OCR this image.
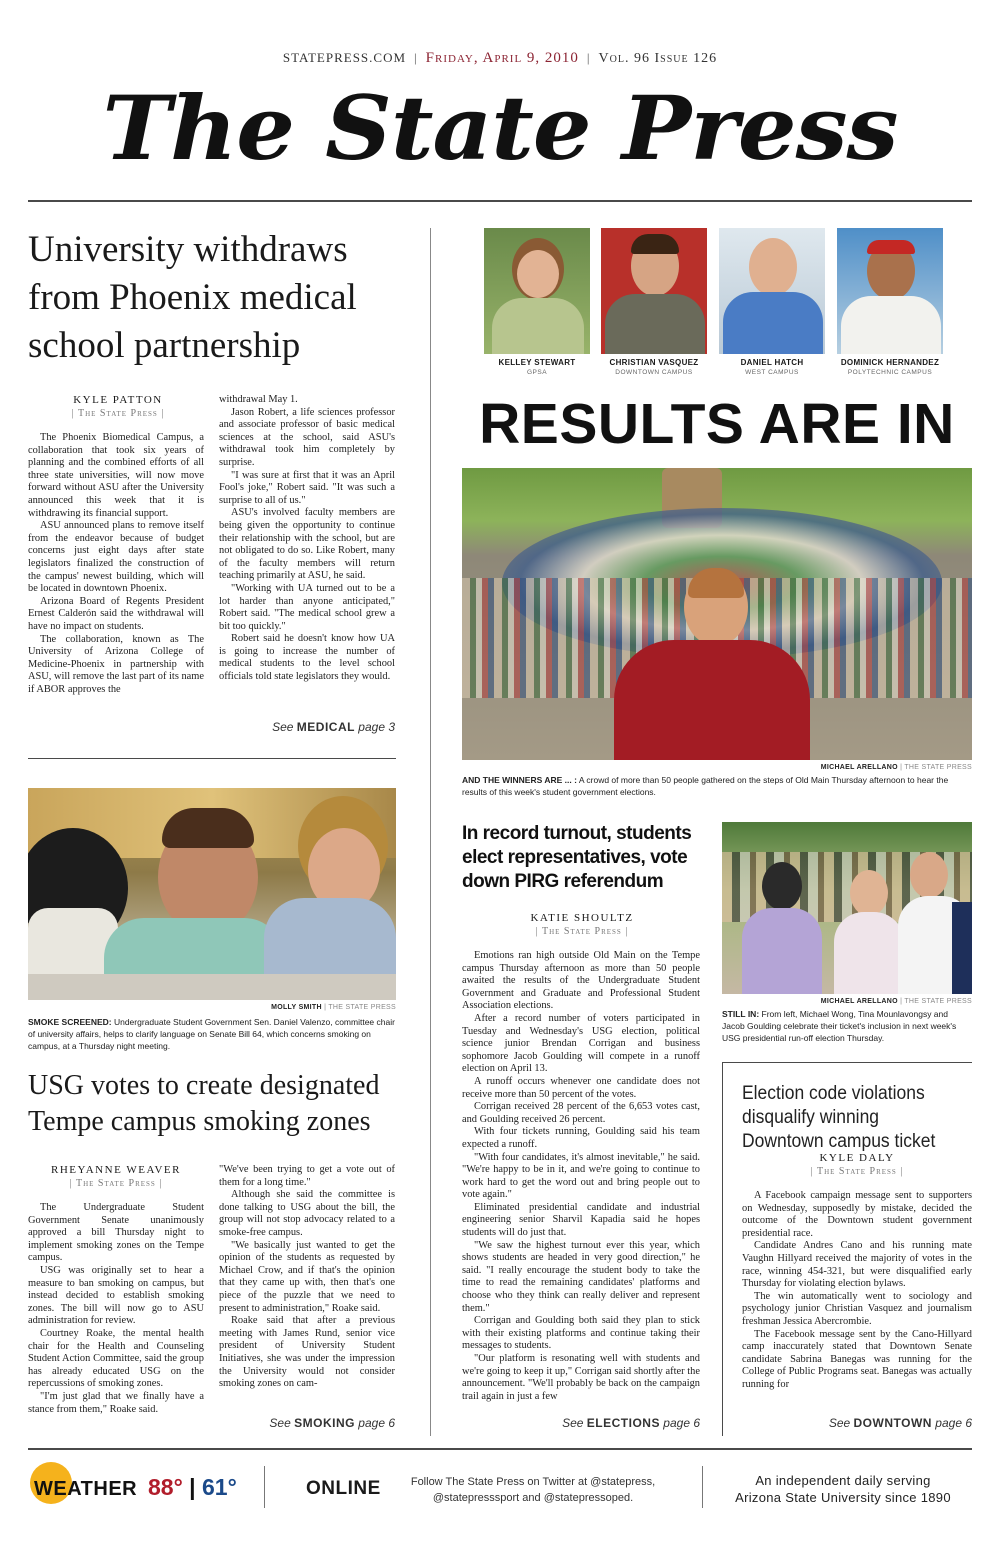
STATEPRESS.COM | Friday, April 9, 2010 | Vol. 96 Issue 126
The State Press
University withdraws from Phoenix medical school partnership
KYLE PATTON
| The State Press |

The Phoenix Biomedical Campus, a collaboration that took six years of planning and the combined efforts of all three state universities, will now move forward without ASU after the University announced this week that it is withdrawing its financial support.

ASU announced plans to remove itself from the endeavor because of budget concerns just eight days after state legislators finalized the construction of the campus' newest building, which will be located in downtown Phoenix.

Arizona Board of Regents President Ernest Calderón said the withdrawal will have no impact on students.

The collaboration, known as The University of Arizona College of Medicine-Phoenix in partnership with ASU, will remove the last part of its name if ABOR approves the

withdrawal May 1.

Jason Robert, a life sciences professor and associate professor of basic medical sciences at the school, said ASU's withdrawal took him completely by surprise.

"I was sure at first that it was an April Fool's joke," Robert said. "It was such a surprise to all of us."

ASU's involved faculty members are being given the opportunity to continue their relationship with the school, but are not obligated to do so. Like Robert, many of the faculty members will return teaching primarily at ASU, he said.

"Working with UA turned out to be a lot harder than anyone anticipated," Robert said. "The medical school grew a bit too quickly."

Robert said he doesn't know how UA is going to increase the number of medical students to the level school officials told state legislators they would.

See MEDICAL page 3
MOLLY SMITH | THE STATE PRESS
SMOKE SCREENED: Undergraduate Student Government Sen. Daniel Valenzo, committee chair of university affairs, helps to clarify language on Senate Bill 64, which concerns smoking on campus, at a Thursday night meeting.
USG votes to create designated Tempe campus smoking zones
RHEYANNE WEAVER
| The State Press |

The Undergraduate Student Government Senate unanimously approved a bill Thursday night to implement smoking zones on the Tempe campus.

USG was originally set to hear a measure to ban smoking on campus, but instead decided to establish smoking zones. The bill will now go to ASU administration for review.

Courtney Roake, the mental health chair for the Health and Counseling Student Action Committee, said the group has already educated USG on the repercussions of smoking zones.

"I'm just glad that we finally have a stance from them," Roake said.

"We've been trying to get a vote out of them for a long time."

Although she said the committee is done talking to USG about the bill, the group will not stop advocacy related to a smoke-free campus.

"We basically just wanted to get the opinion of the students as requested by Michael Crow, and if that's the opinion that they came up with, then that's one piece of the puzzle that we need to present to administration," Roake said.

Roake said that after a previous meeting with James Rund, senior vice president of University Student Initiatives, she was under the impression the University would not consider smoking zones on cam-

See SMOKING page 6
KELLEY STEWART
GPSA
CHRISTIAN VASQUEZ
DOWNTOWN CAMPUS
DANIEL HATCH
WEST CAMPUS
DOMINICK HERNANDEZ
POLYTECHNIC CAMPUS
RESULTS ARE IN
MICHAEL ARELLANO | THE STATE PRESS
AND THE WINNERS ARE ... : A crowd of more than 50 people gathered on the steps of Old Main Thursday afternoon to hear the results of this week's student government elections.
In record turnout, students elect representatives, vote down PIRG referendum
KATIE SHOULTZ
| The State Press |

Emotions ran high outside Old Main on the Tempe campus Thursday afternoon as more than 50 people awaited the results of the Undergraduate Student Government and Graduate and Professional Student Association elections.

After a record number of voters participated in Tuesday and Wednesday's USG election, political science junior Brendan Corrigan and business sophomore Jacob Goulding will compete in a runoff election on April 13.

A runoff occurs whenever one candidate does not receive more than 50 percent of the votes.

Corrigan received 28 percent of the 6,653 votes cast, and Goulding received 26 percent.

With four tickets running, Goulding said his team expected a runoff.

"With four candidates, it's almost inevitable," he said. "We're happy to be in it, and we're going to continue to work hard to get the word out and bring people out to vote again."

Eliminated presidential candidate and industrial engineering senior Sharvil Kapadia said he hopes students will do just that.

"We saw the highest turnout ever this year, which shows students are headed in very good direction," he said. "I really encourage the student body to take the time to read the remaining candidates' platforms and choose who they think can really deliver and represent them."

Corrigan and Goulding both said they plan to stick with their existing platforms and continue taking their messages to students.

"Our platform is resonating well with students and we're going to keep it up," Corrigan said shortly after the announcement. "We'll probably be back on the campaign trail again in just a few

See ELECTIONS page 6
MICHAEL ARELLANO | THE STATE PRESS
STILL IN: From left, Michael Wong, Tina Mounlavongsy and Jacob Goulding celebrate their ticket's inclusion in next week's USG presidential run-off election Thursday.
Election code violations disqualify winning Downtown campus ticket
KYLE DALY
| The State Press |

A Facebook campaign message sent to supporters on Wednesday, supposedly by mistake, decided the outcome of the Downtown student government presidential race.

Candidate Andres Cano and his running mate Vaughn Hillyard received the majority of votes in the race, winning 454-321, but were disqualified early Thursday for violating election bylaws.

The win automatically went to sociology and psychology junior Christian Vasquez and journalism freshman Jessica Abercrombie.

The Facebook message sent by the Cano-Hillyard camp inaccurately stated that Downtown Senate candidate Sabrina Banegas was running for the College of Public Programs seat. Banegas was actually running for

See DOWNTOWN page 6
WEATHER 88° | 61°	ONLINE	Follow The State Press on Twitter at @statepress,
@statepresssport and @statepressoped.
An independent daily serving
Arizona State University since 1890
